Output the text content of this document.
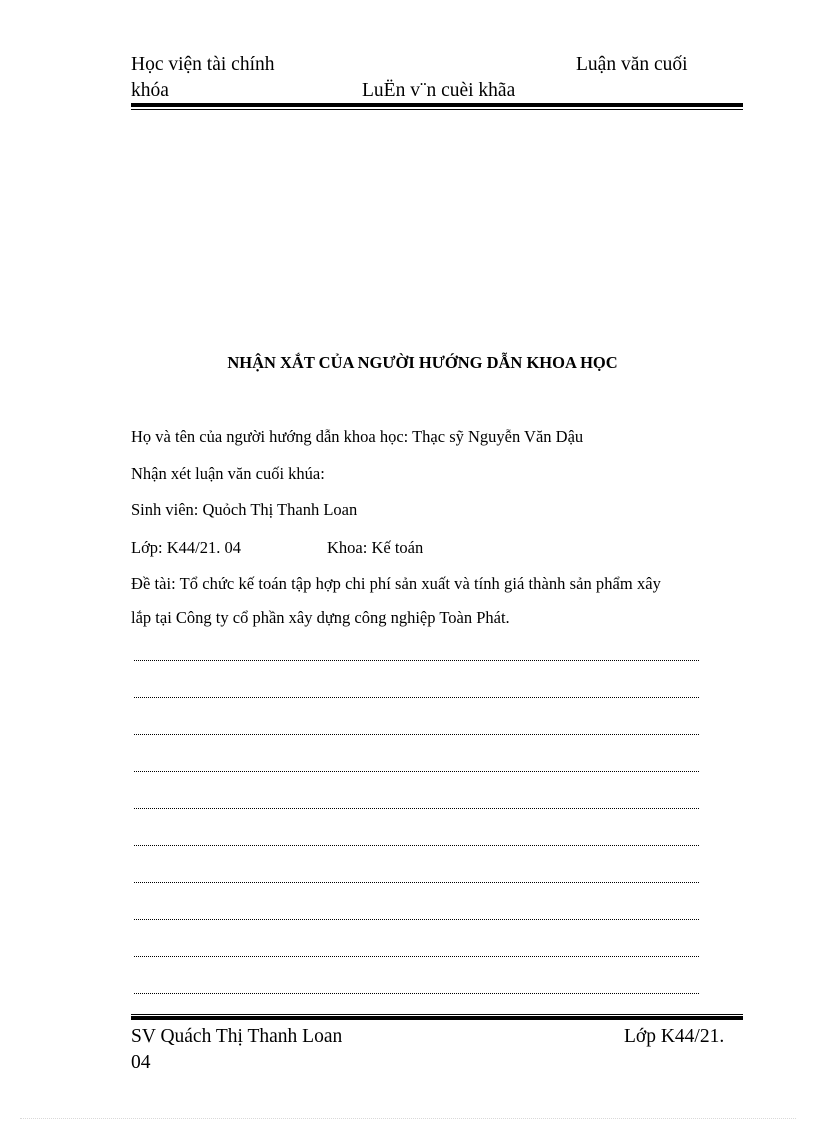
Học viện tài chính	Luận văn cuối
khóa	LuËn v¨n cuèi khãa
NHẬN XẮT CỦA NGƯỜI HƯỚNG DẪN KHOA HỌC
Họ và tên của người hướng dẫn khoa học: Thạc sỹ Nguyễn Văn Dậu
Nhận xét luận văn cuối khúa:
Sinh viên: Quỏch Thị Thanh Loan
Lớp: K44/21. 04	Khoa: Kế toán
Đề tài: Tổ chức kế toán tập hợp chi phí sản xuất và tính giá thành sản phẩm xây
lắp tại Công ty cổ phần xây dựng công nghiệp Toàn Phát.
SV Quách Thị Thanh Loan	Lớp K44/21.
04
